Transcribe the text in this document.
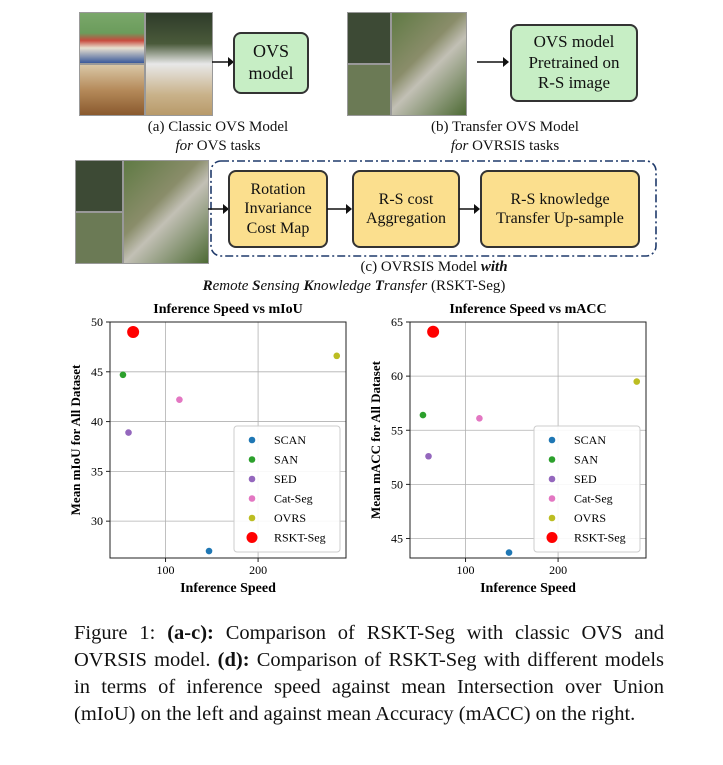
OVS
model
(a) Classic OVS Model
for OVS tasks
OVS model
Pretrained on
R-S image
(b) Transfer OVS Model
for OVRSIS tasks
Rotation
Invariance
Cost Map
R-S cost
Aggregation
R-S knowledge
Transfer Up-sample
(c) OVRSIS Model with
Remote Sensing Knowledge Transfer (RSKT-Seg)
Inference Speed vs mIoU
100	200
30
35
40
45
50
Inference Speed
Mean mIoU for All Dataset	SCAN
SAN
SED
Cat-Seg
OVRS
RSKT-Seg
Inference Speed vs mACC
100	200
45
50
55
60
65
Inference Speed
Mean mACC for All Dataset	SCAN
SAN
SED
Cat-Seg
OVRS
RSKT-Seg
Figure 1: (a-c): Comparison of RSKT-Seg with classic OVS and OVRSIS model. (d): Comparison of RSKT-Seg with different models in terms of inference speed against mean Intersection over Union (mIoU) on the left and against mean Accuracy (mACC) on the right.
